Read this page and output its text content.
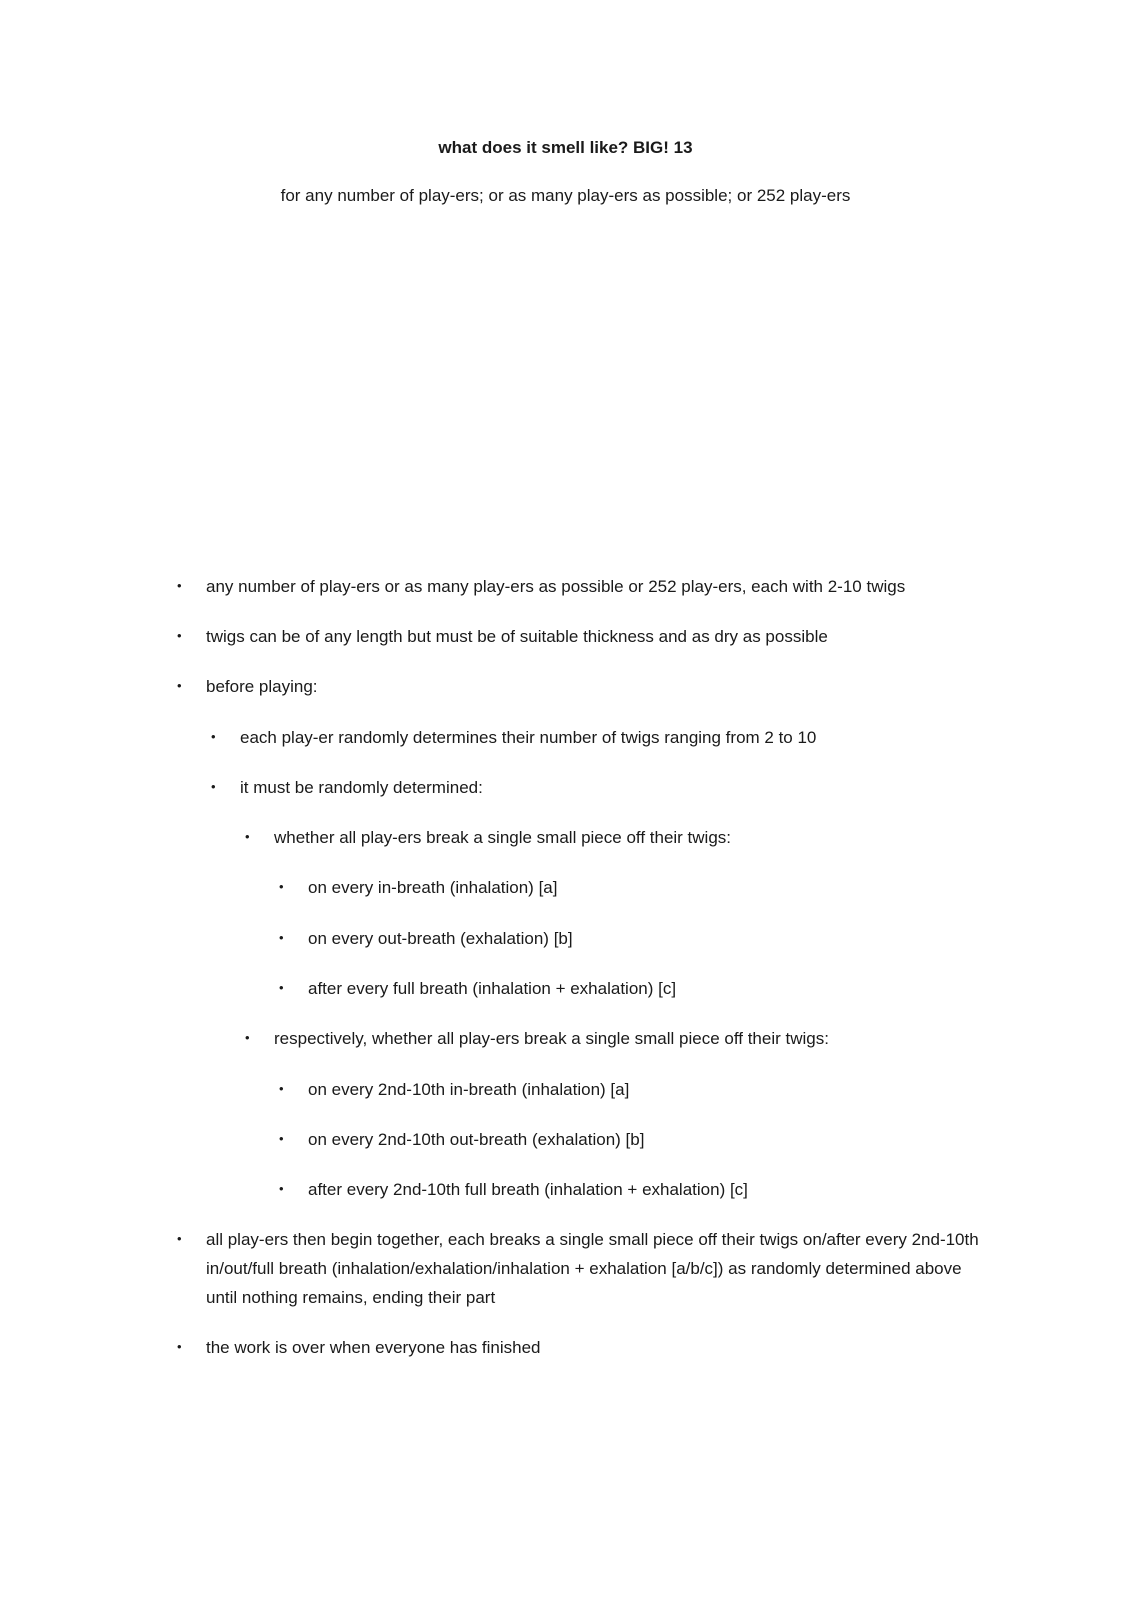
what does it smell like? BIG! 13

for any number of play-ers; or as many play-ers as possible; or 252 play-ers

• any number of play-ers or as many play-ers as possible or 252 play-ers, each with 2-10 twigs

• twigs can be of any length but must be of suitable thickness and as dry as possible

• before playing:

• each play-er randomly determines their number of twigs ranging from 2 to 10

• it must be randomly determined:

• whether all play-ers break a single small piece off their twigs:

• on every in-breath (inhalation) [a]

• on every out-breath (exhalation) [b]

• after every full breath (inhalation + exhalation) [c]

• respectively, whether all play-ers break a single small piece off their twigs:

• on every 2nd-10th in-breath (inhalation) [a]

• on every 2nd-10th out-breath (exhalation) [b]

• after every 2nd-10th full breath (inhalation + exhalation) [c]

• all play-ers then begin together, each breaks a single small piece off their twigs on/after every 2nd-10th in/out/full breath (inhalation/exhalation/inhalation + exhalation [a/b/c]) as randomly determined above until nothing remains, ending their part

• the work is over when everyone has finished
